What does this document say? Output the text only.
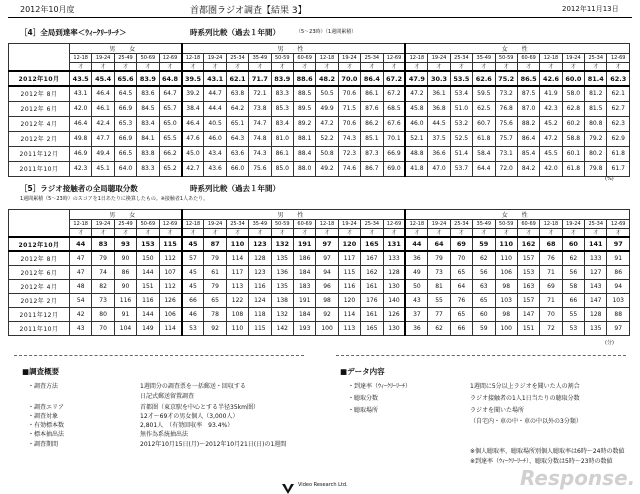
2012年10月度	首都圏ラジオ調査 【結果 3】	2012年11月13日
［4］全局到達率＜ｳｨｰｸﾘｰﾘｰﾁ＞	時系列比較（過去１年間）	（5～23時）（1週間累積）
	男 女					男 性										女 性									
	12-18	19-24	25-49	50-69	12-69	12-18	19-24	25-34	35-49	50-59	60-69	12-18	19-24	25-34	12-69	12-18	19-24	25-34	35-49	50-59	60-69	12-18	19-24	25-34	12-69
	才	才	才	才	才	才	才	才	才	才	才	才	才	才	才	才	才	才	才	才	才	才	才	才	才
2012年10月	43.5	45.4	65.6	83.9	64.8	39.5	43.1	62.1	71.7	83.9	88.6	48.2	70.0	86.4	67.2	47.9	30.3	53.5	62.6	75.2	86.5	42.6	60.0	81.4	62.3
2012年 8月	43.1	46.4	64.5	83.6	64.7	39.2	44.7	63.8	72.1	83.3	88.5	50.5	70.6	86.1	67.2	47.2	36.1	53.4	59.5	73.2	87.5	41.9	58.0	81.2	62.1
2012年 6月	42.0	46.1	66.9	84.5	65.7	38.4	44.4	64.2	73.8	85.3	89.5	49.9	71.5	87.6	68.5	45.8	36.8	51.0	62.5	76.8	87.0	42.3	62.8	81.5	62.7
2012年 4月	46.4	42.4	65.3	83.4	65.0	46.4	40.5	65.1	74.7	83.4	89.2	47.2	70.6	86.2	67.6	46.0	44.5	53.2	60.7	75.6	88.2	45.2	60.2	80.8	62.3
2012年 2月	49.8	47.7	66.9	84.1	65.5	47.6	46.0	64.3	74.8	81.0	88.1	52.2	74.3	85.1	70.1	52.1	37.5	52.5	61.8	75.7	86.4	47.2	58.8	79.2	62.9
2011年12月	46.9	49.4	66.5	83.8	66.2	45.0	43.4	63.6	74.3	86.1	88.4	50.8	72.3	87.3	66.9	48.8	36.6	51.4	58.4	73.1	85.4	45.5	60.1	80.2	61.8
2011年10月	42.3	45.1	64.0	83.3	65.2	42.7	43.6	66.0	75.6	85.0	88.0	49.2	74.6	86.7	69.0	41.8	47.0	53.7	64.4	72.0	84.2	42.0	61.8	79.8	61.7
(%)
［5］ラジオ接触者の全局聴取分数	時系列比較（過去１年間）
1週間累積（5～23時）のスコアを1日あたりに換算したもの。※接触者1人あたり。
	男 女					男 性										女 性									
	12-18	19-24	25-49	50-69	12-69	12-18	19-24	25-34	35-49	50-59	60-69	12-18	19-24	25-34	12-69	12-18	19-24	25-34	35-49	50-59	60-69	12-18	19-24	25-34	12-69
	才	才	才	才	才	才	才	才	才	才	才	才	才	才	才	才	才	才	才	才	才	才	才	才	才
2012年10月	44	83	93	153	115	45	87	110	123	132	191	97	120	165	131	44	64	69	59	110	162	68	60	141	97
2012年 8月	47	79	90	150	112	57	79	114	128	135	186	97	117	167	133	36	79	70	62	110	157	76	62	133	91
2012年 6月	47	74	86	144	107	45	61	117	123	136	184	94	115	162	128	49	73	65	56	106	153	71	56	127	86
2012年 4月	48	82	90	151	112	45	79	113	116	135	183	96	116	161	130	50	81	64	63	98	163	69	58	143	94
2012年 2月	54	73	116	116	126	66	65	122	124	138	191	98	120	176	140	43	55	76	65	103	157	71	66	147	103
2011年12月	42	80	91	144	106	46	78	108	118	132	184	92	114	161	126	37	77	65	60	98	147	70	55	128	88
2011年10月	43	70	104	149	114	53	92	110	115	142	193	100	113	165	130	36	62	66	59	100	151	72	53	135	97
(分)
■調査概要
・調査方法	1週間分の調査票を一括郵送・回収する
日記式郵送留置調査
・調査エリア	首都圏（東京駅を中心とする半径35km圏）
・調査対象	12才～69才の男女個人（3,000人）
・有効標本数	2,801人　（有効回収率　93.4%）
・標本抽出法	無作為系統抽出法
・調査期間	2012年10月15日(月)～2012年10月21日(日)の1週間
■データ内容
・到達率（ｳｨｰｸﾘｰﾘｰﾁ）	1週間に5分以上ラジオを聞いた人の割合
・聴取分数	ラジオ接触者の1人1日当たりの聴取分数
・聴取場所	ラジオを聞いた場所
（自宅内・車の中・車の中以外の3分類）
※個人聴取率、聴取場所別個人聴取率は6時～24時の数値
※到達率（ｳｨｰｸﾘｰﾘｰﾁ）、聴取分数は5時～23時の数値
Video Research Ltd.	Response.
